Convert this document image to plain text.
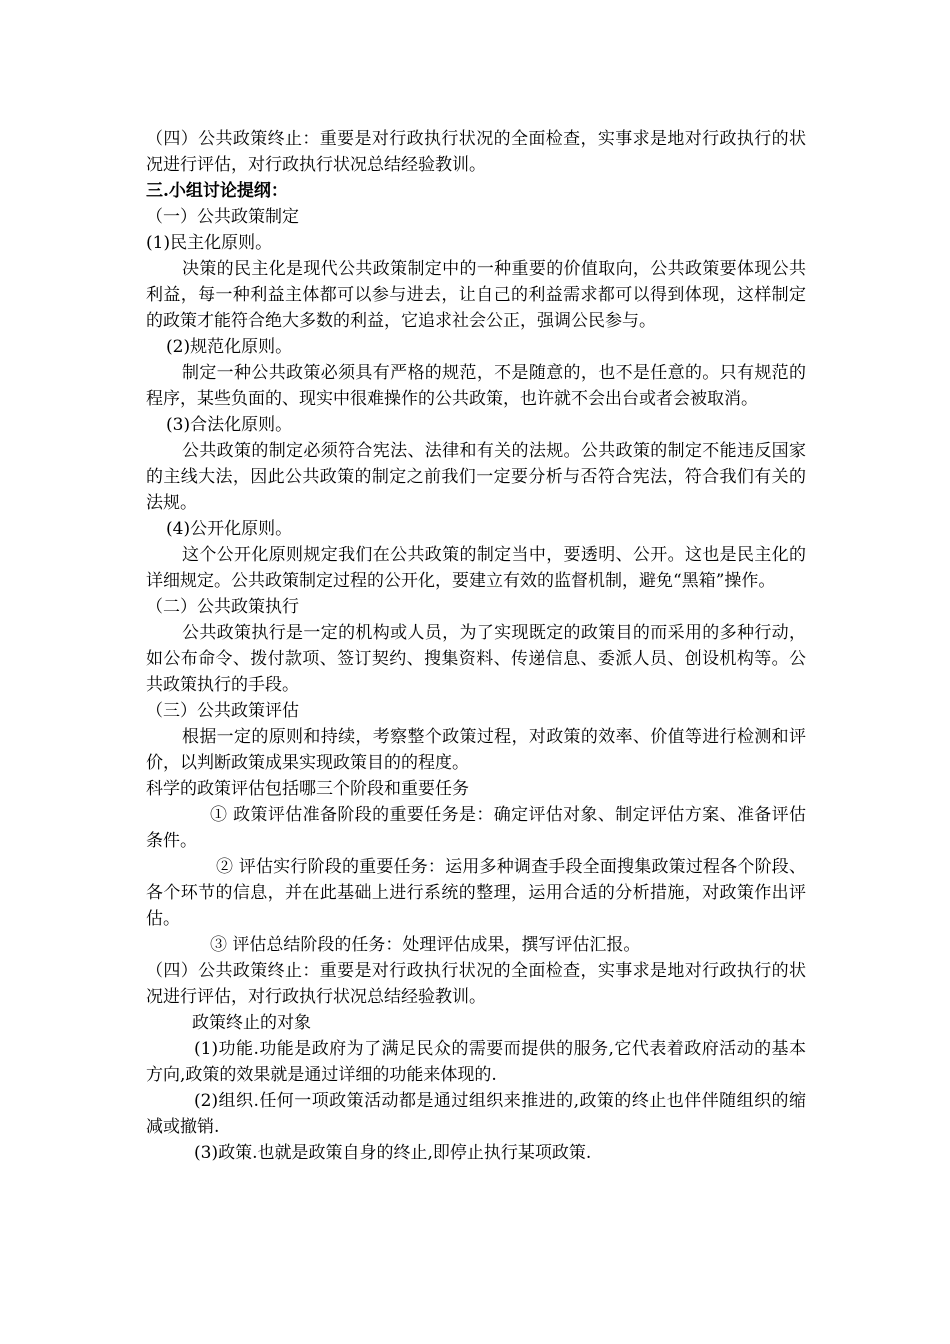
（四）公共政策终止：重要是对行政执行状况的全面检查，实事求是地对行政执行的状况进行评估，对行政执行状况总结经验教训。

三.小组讨论提纲：

（一）公共政策制定

(1)民主化原则。

决策的民主化是现代公共政策制定中的一种重要的价值取向，公共政策要体现公共利益，每一种利益主体都可以参与进去，让自己的利益需求都可以得到体现，这样制定的政策才能符合绝大多数的利益，它追求社会公正，强调公民参与。

(2)规范化原则。

制定一种公共政策必须具有严格的规范，不是随意的，也不是任意的。只有规范的程序，某些负面的、现实中很难操作的公共政策，也许就不会出台或者会被取消。

(3)合法化原则。

公共政策的制定必须符合宪法、法律和有关的法规。公共政策的制定不能违反国家的主线大法，因此公共政策的制定之前我们一定要分析与否符合宪法，符合我们有关的法规。

(4)公开化原则。

这个公开化原则规定我们在公共政策的制定当中，要透明、公开。这也是民主化的详细规定。公共政策制定过程的公开化，要建立有效的监督机制，避免“黑箱”操作。

（二）公共政策执行

公共政策执行是一定的机构或人员，为了实现既定的政策目的而采用的多种行动，如公布命令、拨付款项、签订契约、搜集资料、传递信息、委派人员、创设机构等。公共政策执行的手段。

（三）公共政策评估

根据一定的原则和持续，考察整个政策过程，对政策的效率、价值等进行检测和评价，以判断政策成果实现政策目的的程度。

科学的政策评估包括哪三个阶段和重要任务

① 政策评估准备阶段的重要任务是：确定评估对象、制定评估方案、准备评估条件。

② 评估实行阶段的重要任务：运用多种调查手段全面搜集政策过程各个阶段、各个环节的信息，并在此基础上进行系统的整理，运用合适的分析措施，对政策作出评估。

③ 评估总结阶段的任务：处理评估成果，撰写评估汇报。

（四）公共政策终止：重要是对行政执行状况的全面检查，实事求是地对行政执行的状况进行评估，对行政执行状况总结经验教训。

政策终止的对象

(1)功能.功能是政府为了满足民众的需要而提供的服务,它代表着政府活动的基本方向,政策的效果就是通过详细的功能来体现的.

(2)组织.任何一项政策活动都是通过组织来推进的,政策的终止也伴伴随组织的缩减或撤销.

(3)政策.也就是政策自身的终止,即停止执行某项政策.
